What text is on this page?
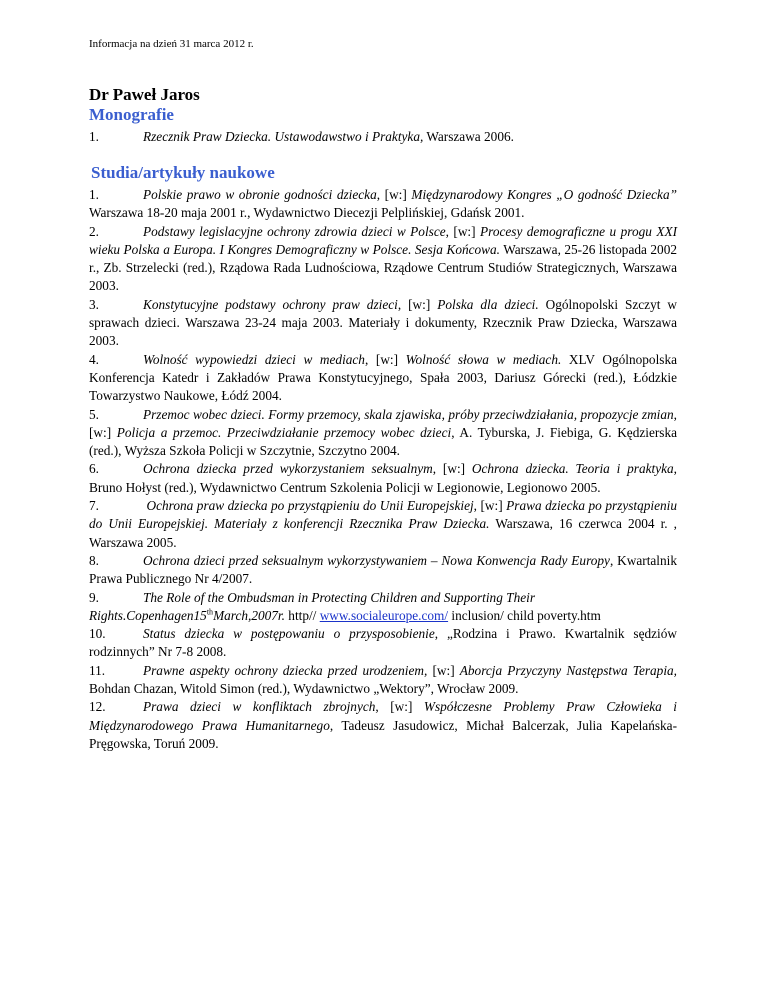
Informacja na dzień 31 marca 2012 r.
Dr Paweł Jaros
Monografie
1.	Rzecznik Praw Dziecka. Ustawodawstwo i Praktyka, Warszawa 2006.
Studia/artykuły naukowe

1.	Polskie prawo w obronie godności dziecka, [w:] Międzynarodowy Kongres „O godność Dziecka” Warszawa 18-20 maja 2001 r., Wydawnictwo Diecezji Pelplińskiej, Gdańsk 2001.

2.	Podstawy legislacyjne ochrony zdrowia dzieci w Polsce, [w:] Procesy demograficzne u progu XXI wieku Polska a Europa. I Kongres Demograficzny w Polsce. Sesja Końcowa. Warszawa, 25-26 listopada 2002 r., Zb. Strzelecki (red.), Rządowa Rada Ludnościowa, Rządowe Centrum Studiów Strategicznych, Warszawa 2003.

3.	Konstytucyjne podstawy ochrony praw dzieci, [w:] Polska dla dzieci. Ogólnopolski Szczyt w sprawach dzieci. Warszawa 23-24 maja 2003. Materiały i dokumenty, Rzecznik Praw Dziecka, Warszawa 2003.

4.	Wolność wypowiedzi dzieci w mediach, [w:] Wolność słowa w mediach. XLV Ogólnopolska Konferencja Katedr i Zakładów Prawa Konstytucyjnego, Spała 2003, Dariusz Górecki (red.), Łódzkie Towarzystwo Naukowe, Łódź 2004.

5.	Przemoc wobec dzieci. Formy przemocy, skala zjawiska, próby przeciwdziałania, propozycje zmian, [w:] Policja a przemoc. Przeciwdziałanie przemocy wobec dzieci, A. Tyburska, J. Fiebiga, G. Kędzierska (red.), Wyższa Szkoła Policji w Szczytnie, Szczytno 2004.

6.	Ochrona dziecka przed wykorzystaniem seksualnym, [w:] Ochrona dziecka. Teoria i praktyka, Bruno Hołyst (red.), Wydawnictwo Centrum Szkolenia Policji w Legionowie, Legionowo 2005.

7.	Ochrona praw dziecka po przystąpieniu do Unii Europejskiej, [w:] Prawa dziecka po przystąpieniu do Unii Europejskiej. Materiały z konferencji Rzecznika Praw Dziecka. Warszawa, 16 czerwca 2004 r. , Warszawa 2005.

8.	Ochrona dzieci przed seksualnym wykorzystywaniem – Nowa Konwencja Rady Europy, Kwartalnik Prawa Publicznego Nr 4/2007.

9.	The Role of the Ombudsman in Protecting Children and Supporting Their Rights.Copenhagen15thMarch,2007r. http// www.socialeurope.com/ inclusion/ child poverty.htm

10.	Status dziecka w postępowaniu o przysposobienie, „Rodzina i Prawo. Kwartalnik sędziów rodzinnych” Nr 7-8 2008.

11.	Prawne aspekty ochrony dziecka przed urodzeniem, [w:] Aborcja Przyczyny Następstwa Terapia, Bohdan Chazan, Witold Simon (red.), Wydawnictwo „Wektory”, Wrocław 2009.

12.	Prawa dzieci w konfliktach zbrojnych, [w:] Współczesne Problemy Praw Człowieka i Międzynarodowego Prawa Humanitarnego, Tadeusz Jasudowicz, Michał Balcerzak, Julia Kapelańska-Pręgowska, Toruń 2009.
